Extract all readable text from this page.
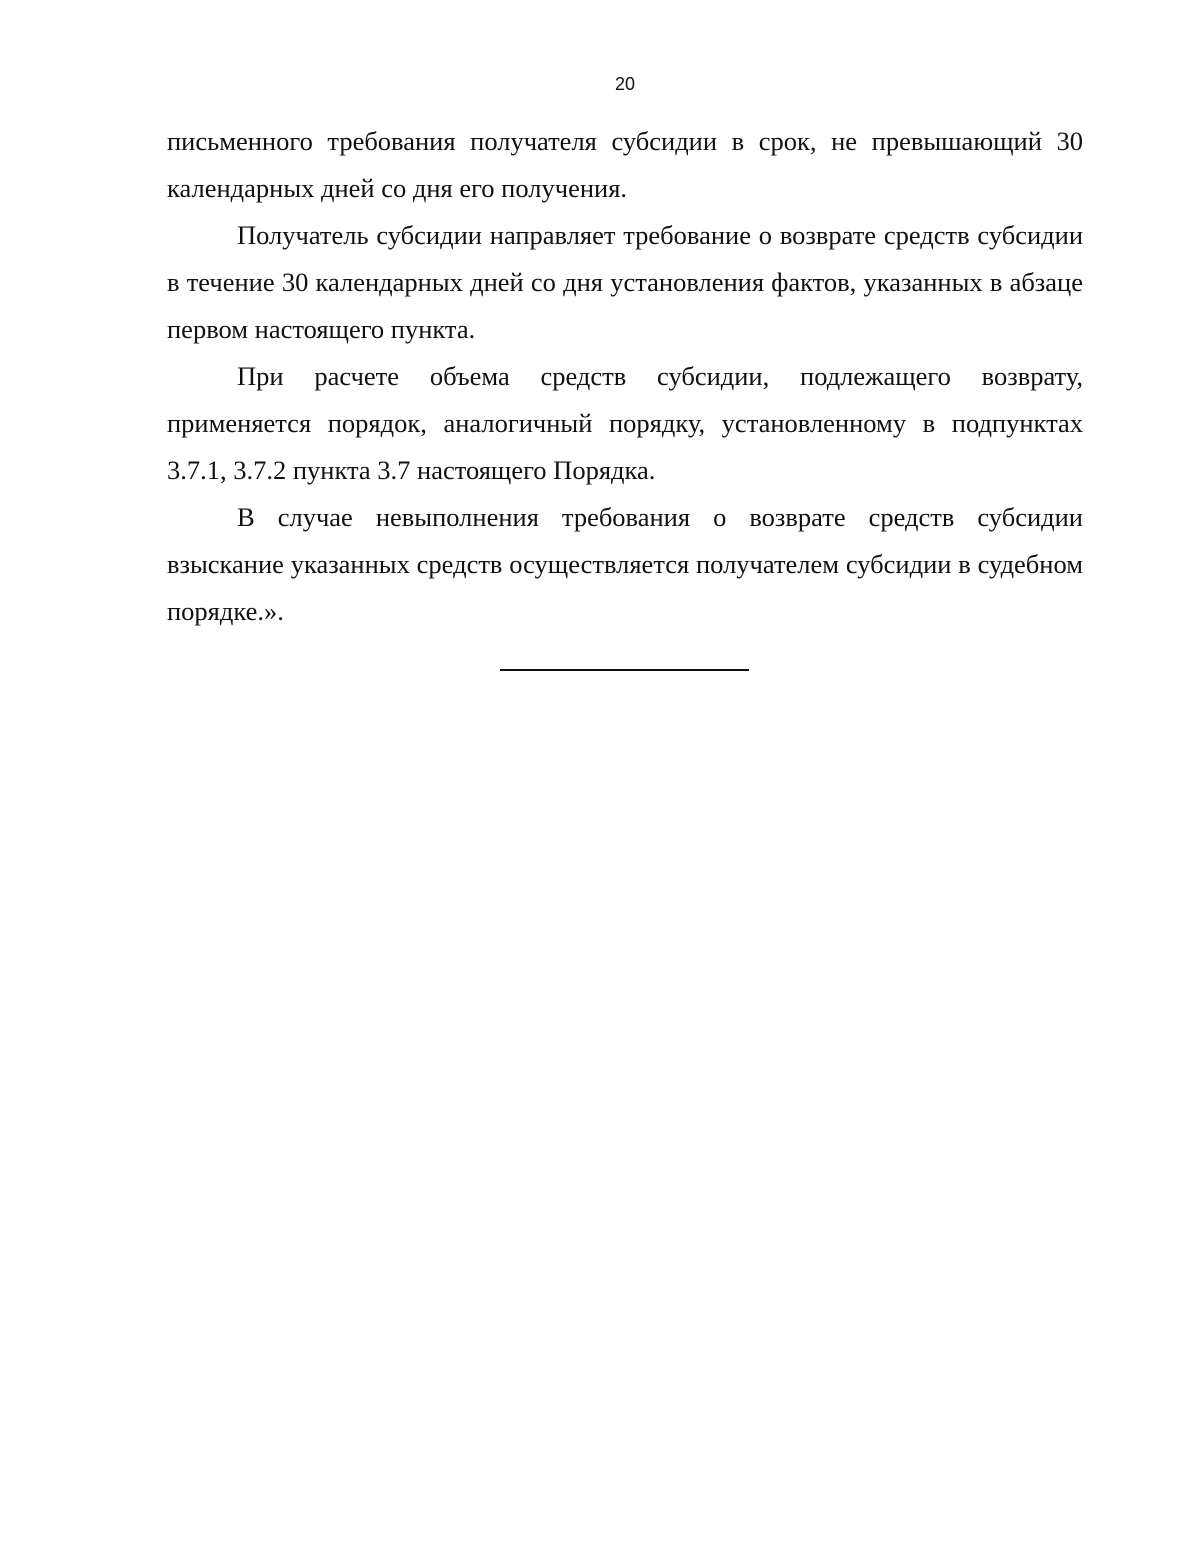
20

письменного требования получателя субсидии в срок, не превышающий 30 календарных дней со дня его получения.

Получатель субсидии направляет требование о возврате средств субсидии в течение 30 календарных дней со дня установления фактов, указанных в абзаце первом настоящего пункта.

При расчете объема средств субсидии, подлежащего возврату, применяется порядок, аналогичный порядку, установленному в подпунктах 3.7.1, 3.7.2 пункта 3.7 настоящего Порядка.

В случае невыполнения требования о возврате средств субсидии взыскание указанных средств осуществляется получателем субсидии в судебном порядке.».
